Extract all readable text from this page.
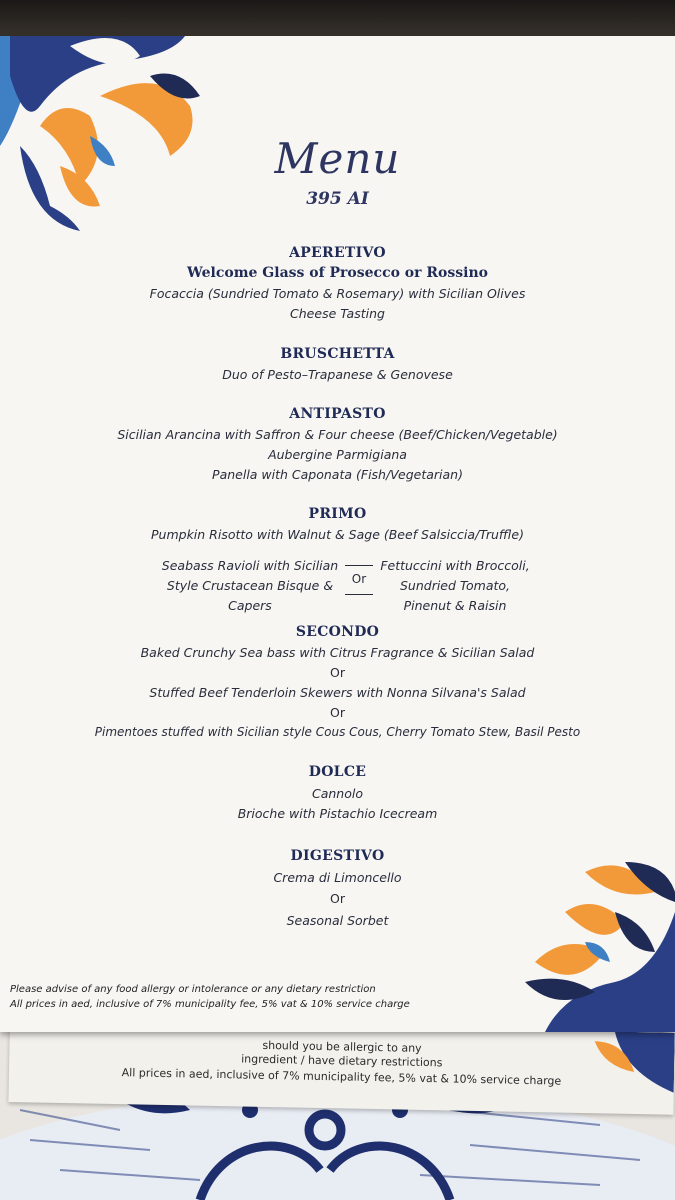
should you be allergic to any
ingredient / have dietary restrictions
All prices in aed, inclusive of 7% municipality fee, 5% vat & 10% service charge
Menu
395 AI
APERETIVO
Welcome Glass of Prosecco or Rossino
Focaccia (Sundried Tomato & Rosemary) with Sicilian Olives
Cheese Tasting
BRUSCHETTA
Duo of Pesto–Trapanese & Genovese
ANTIPASTO
Sicilian Arancina with Saffron & Four cheese (Beef/Chicken/Vegetable)
Aubergine Parmigiana
Panella with Caponata (Fish/Vegetarian)
PRIMO
Pumpkin Risotto with Walnut & Sage (Beef Salsiccia/Truffle)
Seabass Ravioli with Sicilian
Style Crustacean Bisque &
Capers
Or
Fettuccini with Broccoli,
Sundried Tomato,
Pinenut & Raisin
SECONDO
Baked Crunchy Sea bass with Citrus Fragrance & Sicilian Salad
Or
Stuffed Beef Tenderloin Skewers with Nonna Silvana's Salad
Or
Pimentoes stuffed with Sicilian style Cous Cous, Cherry Tomato Stew, Basil Pesto
DOLCE
Cannolo
Brioche with Pistachio Icecream
DIGESTIVO
Crema di Limoncello
Or
Seasonal Sorbet
Please advise of any food allergy or intolerance or any dietary restriction
All prices in aed, inclusive of 7% municipality fee, 5% vat & 10% service charge
